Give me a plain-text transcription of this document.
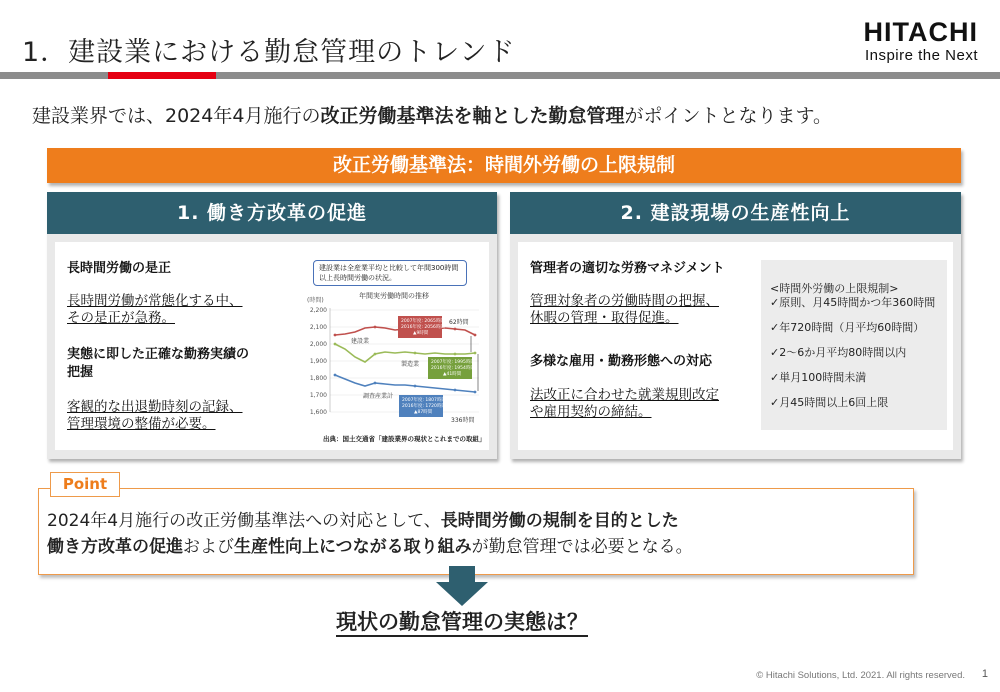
1．建設業における勤怠管理のトレンド
HITACHI
Inspire the Next
建設業界では、2024年4月施行の改正労働基準法を軸とした勤怠管理がポイントとなります。
改正労働基準法：時間外労働の上限規制
1. 働き方改革の促進
長時間労働の是正
長時間労働が常態化する中、
その是正が急務。
実態に即した正確な勤務実績の
把握
客観的な出退勤時刻の記録、
管理環境の整備が必要。
(時間)
2,200
2,100
2,000
1,900
1,800
1,700
1,600
建設業
製造業
調査産業計
62時間
336時間
2007年度: 2065時間
2016年度: 2056時間
▲9時間
2007年度: 1995時間
2016年度: 1954時間
▲41時間
2007年度: 1807時間
2016年度: 1720時間
▲87時間
建設業は全産業平均と比較して年間300時間
以上長時間労働の状況。
年間実労働時間の推移
出典：国土交通省「建設業界の現状とこれまでの取組」
2. 建設現場の生産性向上
管理者の適切な労務マネジメント
管理対象者の労働時間の把握、
休暇の管理・取得促進。
多様な雇用・勤務形態への対応
法改正に合わせた就業規則改定
や雇用契約の締結。
<時間外労働の上限規制>
✓原則、月45時間かつ年360時間
✓年720時間（月平均60時間）
✓2～6か月平均80時間以内
✓単月100時間未満
✓月45時間以上6回上限
Point
2024年4月施行の改正労働基準法への対応として、長時間労働の規制を目的とした
働き方改革の促進および生産性向上につながる取り組みが勤怠管理では必要となる。
現状の勤怠管理の実態は？
© Hitachi Solutions, Ltd. 2021. All rights reserved. 1
